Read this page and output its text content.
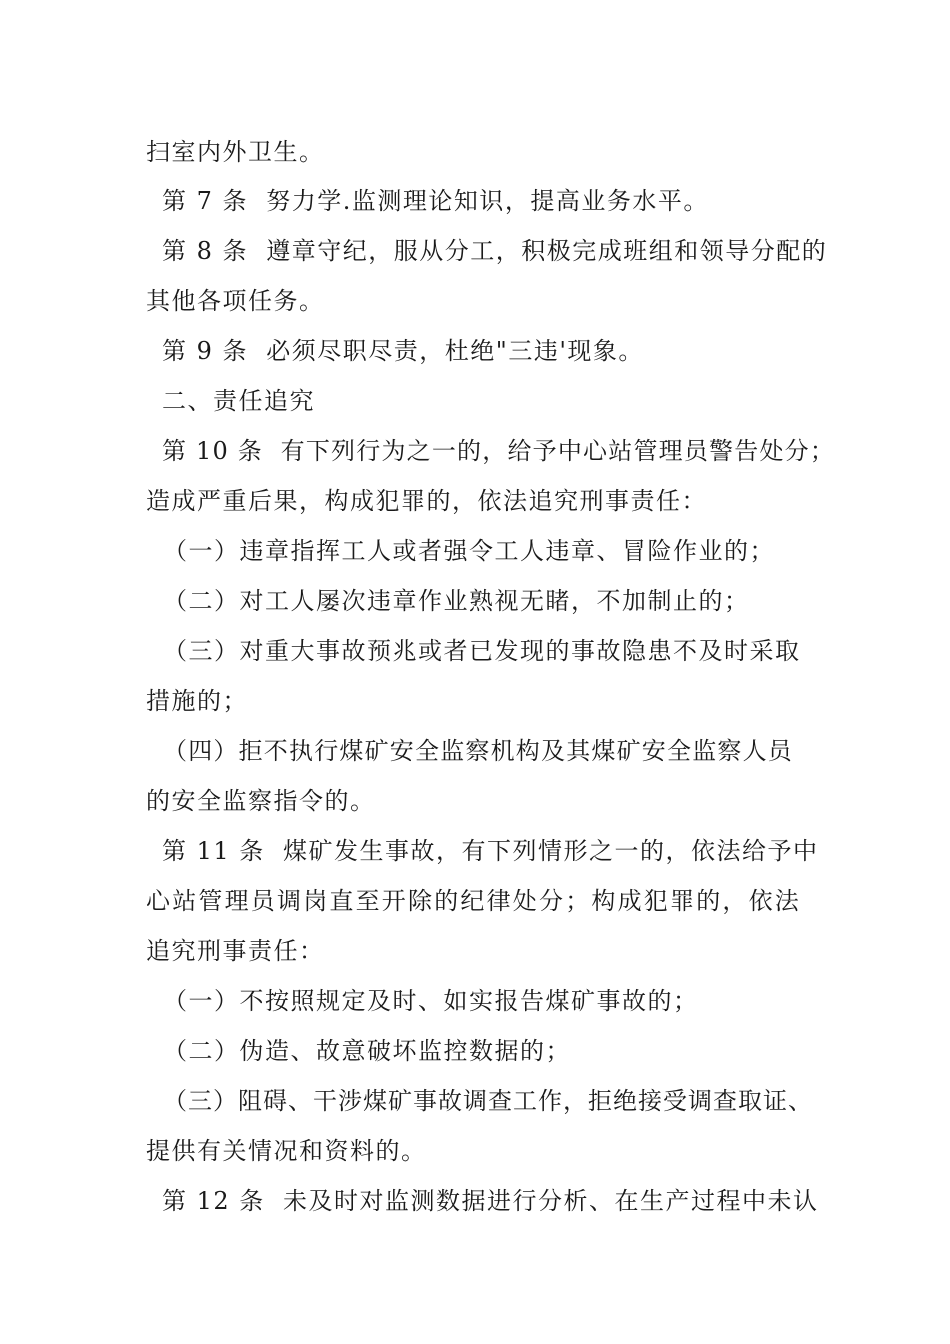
扫室内外卫生。
第 7 条  努力学.监测理论知识，提高业务水平。
第 8 条  遵章守纪，服从分工，积极完成班组和领导分配的
其他各项任务。
第 9 条  必须尽职尽责，杜绝"三违'现象。
二、责任追究
第 10 条  有下列行为之一的，给予中心站管理员警告处分；
造成严重后果，构成犯罪的，依法追究刑事责任：
（一）违章指挥工人或者强令工人违章、冒险作业的；
（二）对工人屡次违章作业熟视无睹，不加制止的；
（三）对重大事故预兆或者已发现的事故隐患不及时采取
措施的；
（四）拒不执行煤矿安全监察机构及其煤矿安全监察人员
的安全监察指令的。
第 11 条  煤矿发生事故，有下列情形之一的，依法给予中
心站管理员调岗直至开除的纪律处分；构成犯罪的，依法
追究刑事责任：
（一）不按照规定及时、如实报告煤矿事故的；
（二）伪造、故意破坏监控数据的；
（三）阻碍、干涉煤矿事故调查工作，拒绝接受调查取证、
提供有关情况和资料的。
第 12 条  未及时对监测数据进行分析、在生产过程中未认
